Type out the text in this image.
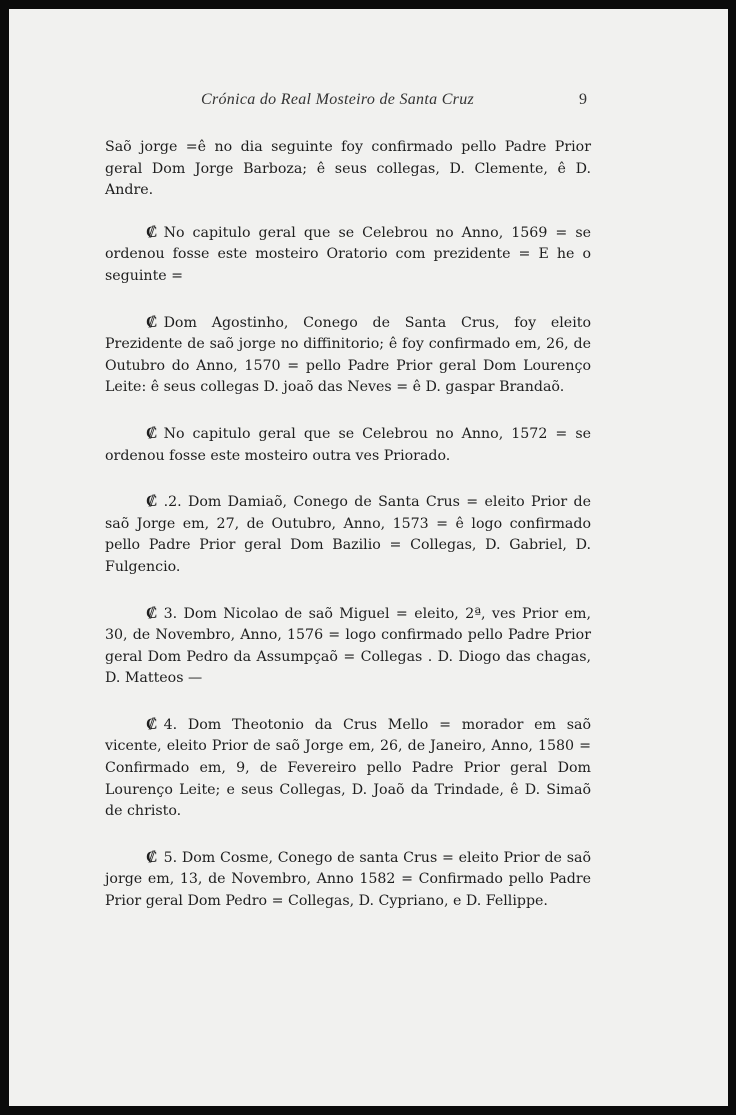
Crónica do Real Mosteiro de Santa Cruz	9

Saõ jorge =ê no dia seguinte foy confirmado pello Padre Prior geral Dom Jorge Barboza; ê seus collegas, D. Clemente, ê D. Andre.

₡ No capitulo geral que se Celebrou no Anno, 1569 = se ordenou fosse este mosteiro Oratorio com prezidente = E he o seguinte =

₡ Dom Agostinho, Conego de Santa Crus, foy eleito Prezidente de saõ jorge no diffinitorio; ê foy confirmado em, 26, de Outubro do Anno, 1570 = pello Padre Prior geral Dom Lourenço Leite: ê seus collegas D. joaõ das Neves = ê D. gaspar Brandaõ.

₡ No capitulo geral que se Celebrou no Anno, 1572 = se ordenou fosse este mosteiro outra ves Priorado.

₡ .2. Dom Damiaõ, Conego de Santa Crus = eleito Prior de saõ Jorge em, 27, de Outubro, Anno, 1573 = ê logo confirmado pello Padre Prior geral Dom Bazilio = Collegas, D. Gabriel, D. Fulgencio.

₡ 3. Dom Nicolao de saõ Miguel = eleito, 2ª, ves Prior em, 30, de Novembro, Anno, 1576 = logo confirmado pello Padre Prior geral Dom Pedro da Assumpçaõ = Collegas . D. Diogo das chagas, D. Matteos —

₡ 4. Dom Theotonio da Crus Mello = morador em saõ vicente, eleito Prior de saõ Jorge em, 26, de Janeiro, Anno, 1580 = Confirmado em, 9, de Fevereiro pello Padre Prior geral Dom Lourenço Leite; e seus Collegas, D. Joaõ da Trindade, ê D. Simaõ de christo.

₡ 5. Dom Cosme, Conego de santa Crus = eleito Prior de saõ jorge em, 13, de Novembro, Anno 1582 = Confirmado pello Padre Prior geral Dom Pedro = Collegas, D. Cypriano, e D. Fellippe.
